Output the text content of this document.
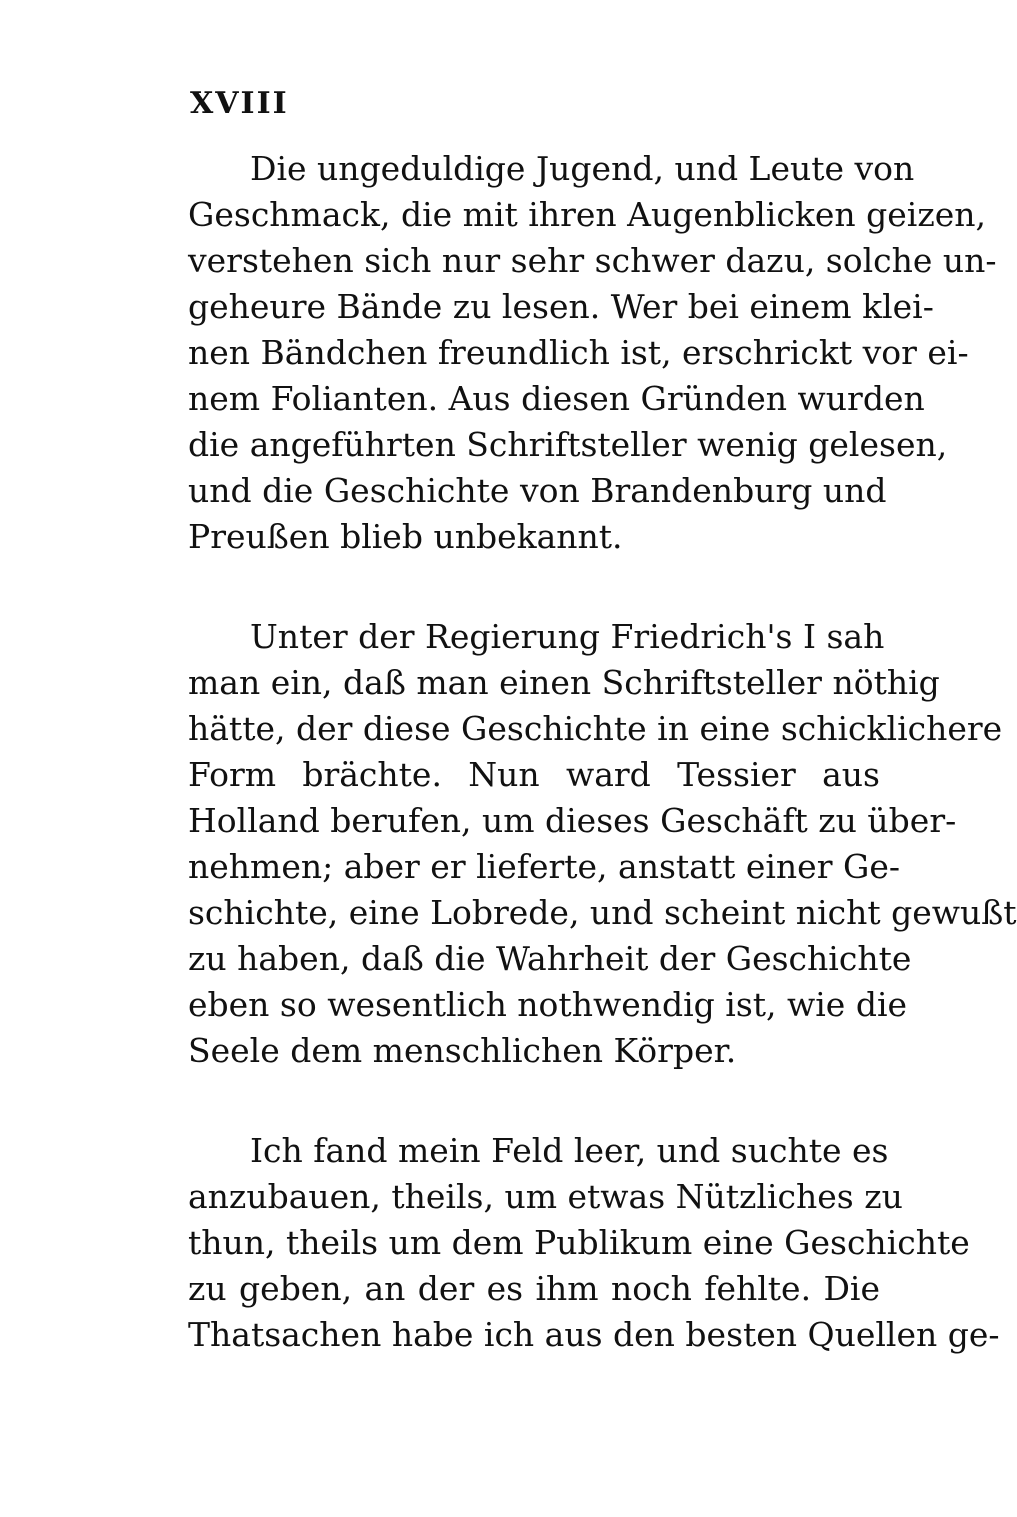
XVIII
Die ungeduldige Jugend, und Leute von
Geschmack, die mit ihren Augenblicken geizen,
verstehen sich nur sehr schwer dazu, solche un-
geheure Bände zu lesen. Wer bei einem klei-
nen Bändchen freundlich ist, erschrickt vor ei-
nem Folianten. Aus diesen Gründen wurden
die angeführten Schriftsteller wenig gelesen,
und die Geschichte von Brandenburg und
Preußen blieb unbekannt.
Unter der Regierung Friedrich's I sah
man ein, daß man einen Schriftsteller nöthig
hätte, der diese Geschichte in eine schicklichere
Form brächte. Nun ward Tessier aus
Holland berufen, um dieses Geschäft zu über-
nehmen; aber er lieferte, anstatt einer Ge-
schichte, eine Lobrede, und scheint nicht gewußt
zu haben, daß die Wahrheit der Geschichte
eben so wesentlich nothwendig ist, wie die
Seele dem menschlichen Körper.
Ich fand mein Feld leer, und suchte es
anzubauen, theils, um etwas Nützliches zu
thun, theils um dem Publikum eine Geschichte
zu geben, an der es ihm noch fehlte. Die
Thatsachen habe ich aus den besten Quellen ge-
